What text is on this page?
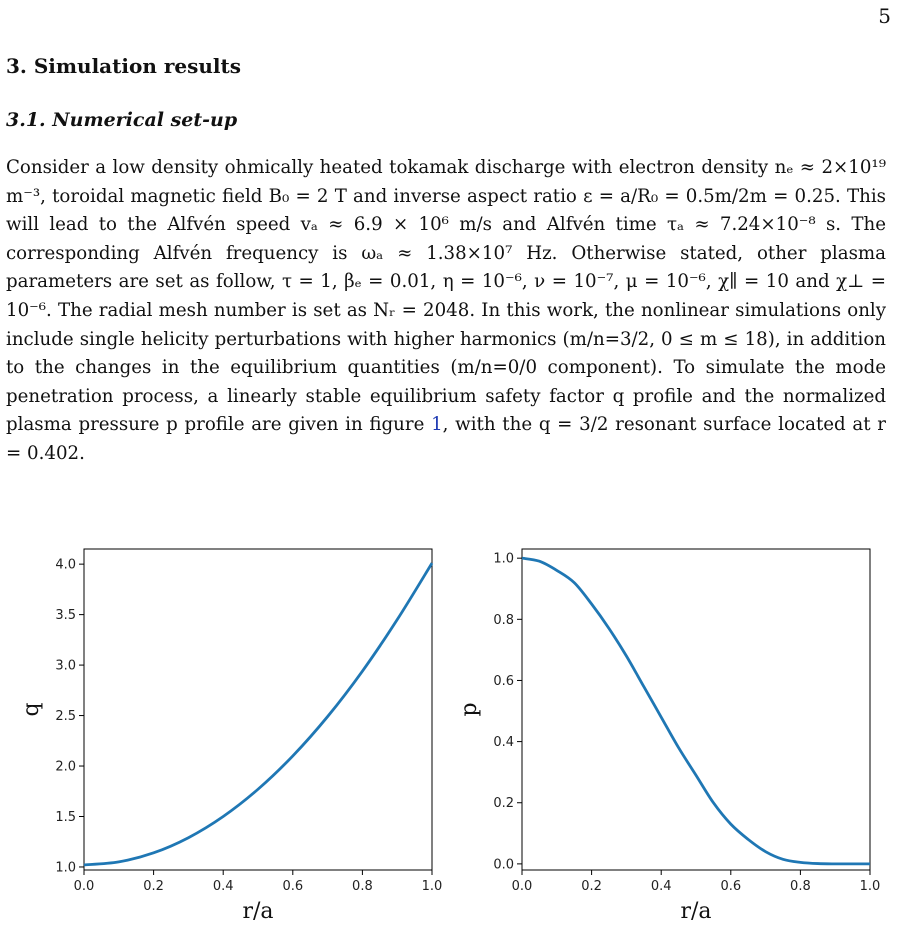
5
3. Simulation results
3.1. Numerical set-up

Consider a low density ohmically heated tokamak discharge with electron density nₑ ≈ 2×10¹⁹ m⁻³, toroidal magnetic field B₀ = 2 T and inverse aspect ratio ε = a/R₀ = 0.5m/2m = 0.25. This will lead to the Alfvén speed vₐ ≈ 6.9 × 10⁶ m/s and Alfvén time τₐ ≈ 7.24×10⁻⁸ s. The corresponding Alfvén frequency is ωₐ ≈ 1.38×10⁷ Hz. Otherwise stated, other plasma parameters are set as follow, τ = 1, βₑ = 0.01, η = 10⁻⁶, ν = 10⁻⁷, μ = 10⁻⁶, χ∥ = 10 and χ⊥ = 10⁻⁶. The radial mesh number is set as Nᵣ = 2048. In this work, the nonlinear simulations only include single helicity perturbations with higher harmonics (m/n=3/2, 0 ≤ m ≤ 18), in addition to the changes in the equilibrium quantities (m/n=0/0 component). To simulate the mode penetration process, a linearly stable equilibrium safety factor q profile and the normalized plasma pressure p profile are given in figure 1, with the q = 3/2 resonant surface located at r = 0.402.

0.0	0.2	0.4	0.6	0.8	1.0
1.0
1.5
2.0
2.5
3.0
3.5
4.0
r/a
q
0.0	0.2	0.4	0.6	0.8	1.0
0.0
0.2
0.4
0.6
0.8
1.0
r/a
p
